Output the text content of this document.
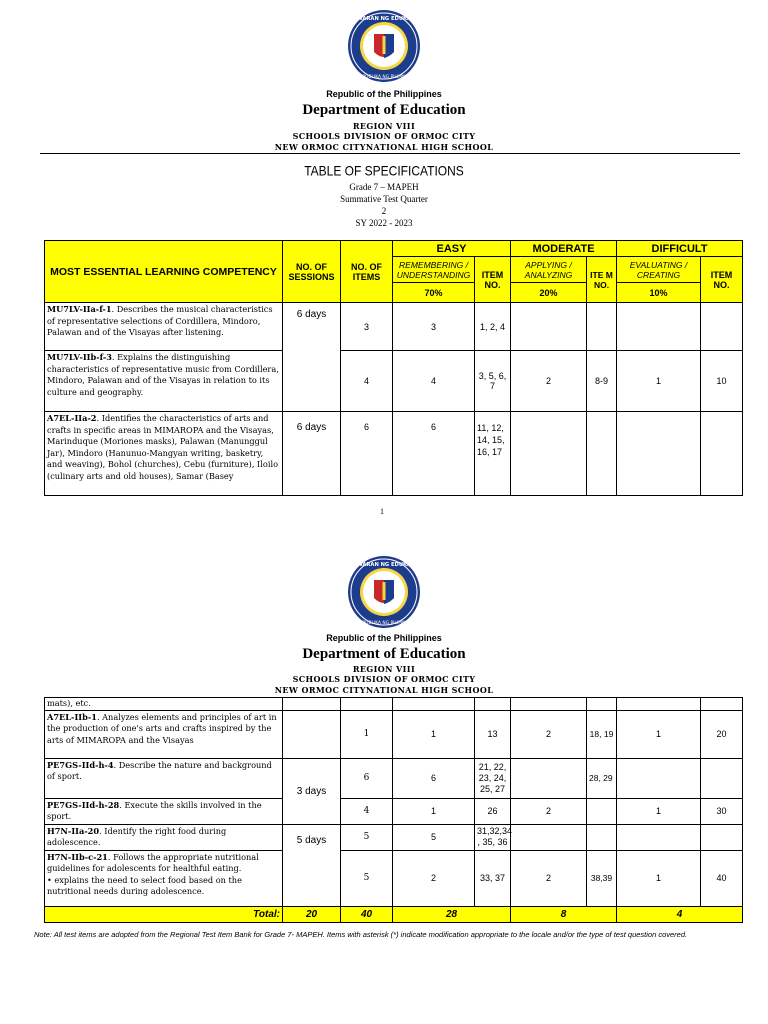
KAGAWARAN NG EDUKASYON
REPUBLIKA NG PILIPINAS
Republic of the Philippines
Department of Education
REGION VIII
SCHOOLS DIVISION OF ORMOC CITY
NEW ORMOC CITYNATIONAL HIGH SCHOOL
TABLE OF SPECIFICATIONS
Grade 7 – MAPEH
Summative Test Quarter
2
SY 2022 - 2023
MOST ESSENTIAL LEARNING COMPETENCY	NO. OF SESSIONS	NO. OF ITEMS	EASY		MODERATE		DIFFICULT	
			REMEMBERING / UNDERSTANDING	ITEM NO.	APPLYING / ANALYZING	ITE M NO.	EVALUATING / CREATING	ITEM NO.
			70%		20%		10%	
MU7LV-IIa-f-1. Describes the musical characteristics of representative selections of Cordillera, Mindoro, Palawan and of the Visayas after listening.	6 days	3	3	1, 2, 4				
MU7LV-IIb-f-3. Explains the distinguishing characteristics of representative music from Cordillera, Mindoro, Palawan and of the Visayas in relation to its culture and geography.		4	4	3, 5, 6, 7	2	8-9	1	10
A7EL-IIa-2. Identifies the characteristics of arts and crafts in specific areas in MIMAROPA and the Visayas, Marinduque (Moriones masks), Palawan (Manunggul Jar), Mindoro (Hanunuo-Mangyan writing, basketry, and weaving), Bohol (churches), Cebu (furniture), Iloilo (culinary arts and old houses), Samar (Basey	6 days	6	6	11, 12, 14, 15, 16, 17				
1
KAGAWARAN NG EDUKASYON
REPUBLIKA NG PILIPINAS
Republic of the Philippines
Department of Education
REGION VIII
SCHOOLS DIVISION OF ORMOC CITY
NEW ORMOC CITYNATIONAL HIGH SCHOOL
mats), etc.								
A7EL-IIb-1. Analyzes elements and principles of art in the production of one's arts and crafts inspired by the arts of MIMAROPA and the Visayas		1	1	13	2	18, 19	1	20
PE7GS-IId-h-4. Describe the nature and background of sport.	3 days	6	6	21, 22, 23, 24, 25, 27		28, 29		
PE7GS-IId-h-28. Execute the skills involved in the sport.		4	1	26	2		1	30
H7N-IIa-20. Identify the right food during adolescence.	5 days	5	5	31,32,34 , 35, 36				
H7N-IIb-c-21. Follows the appropriate nutritional guidelines for adolescents for healthful eating.
• explains the need to select food based on the nutritional needs during adolescence.		5	2	33, 37	2	38,39	1	40
Total:	20	40	28		8		4	
Note: All test items are adopted from the Regional Test Item Bank for Grade 7- MAPEH. Items with asterisk (*) indicate modification appropriate to the locale and/or the type of test question covered.
